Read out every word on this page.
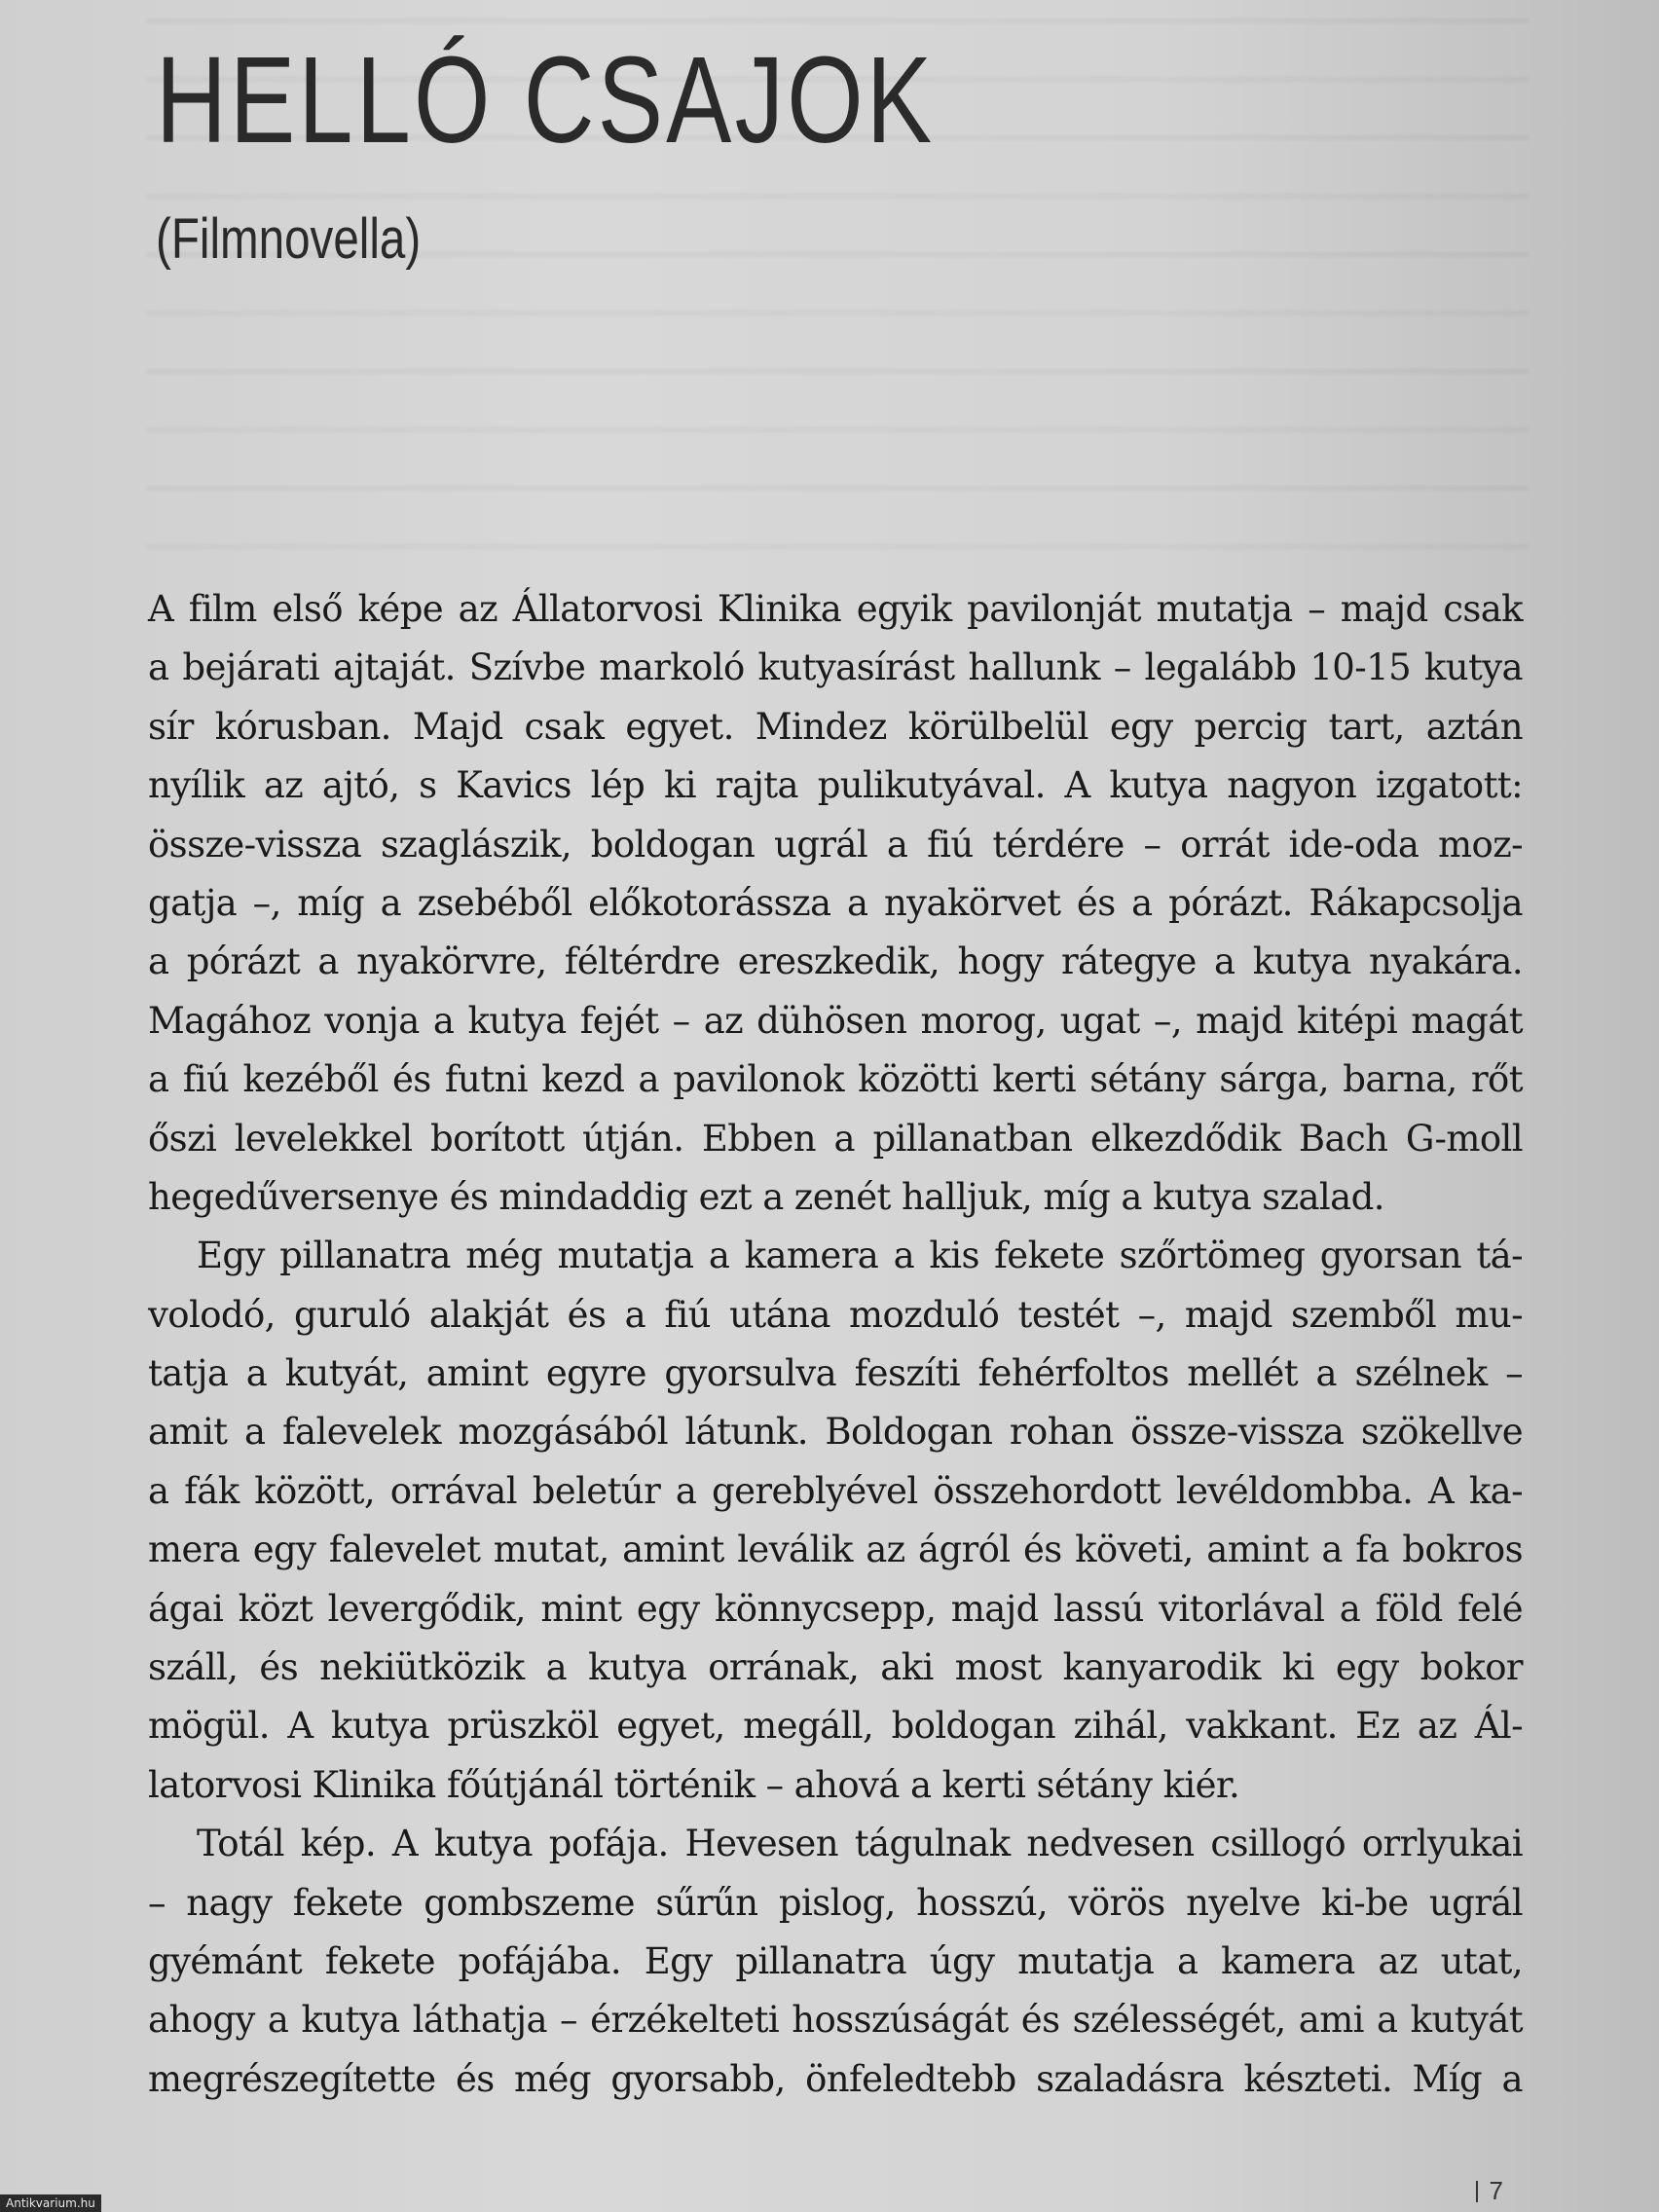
HELLÓ CSAJOK
(Filmnovella)
A film első képe az Állatorvosi Klinika egyik pavilonját mutatja – majd csak
a bejárati ajtaját. Szívbe markoló kutyasírást hallunk – legalább 10-15 kutya
sír kórusban. Majd csak egyet. Mindez körülbelül egy percig tart, aztán
nyílik az ajtó, s Kavics lép ki rajta pulikutyával. A kutya nagyon izgatott:
össze-vissza szaglászik, boldogan ugrál a fiú térdére – orrát ide-oda moz-
gatja –, míg a zsebéből előkotorássza a nyakörvet és a pórázt. Rákapcsolja
a pórázt a nyakörvre, féltérdre ereszkedik, hogy rátegye a kutya nyakára.
Magához vonja a kutya fejét – az dühösen morog, ugat –, majd kitépi magát
a fiú kezéből és futni kezd a pavilonok közötti kerti sétány sárga, barna, rőt
őszi levelekkel borított útján. Ebben a pillanatban elkezdődik Bach G-moll
hegedűversenye és mindaddig ezt a zenét halljuk, míg a kutya szalad.
Egy pillanatra még mutatja a kamera a kis fekete szőrtömeg gyorsan tá-
volodó, guruló alakját és a fiú utána mozduló testét –, majd szemből mu-
tatja a kutyát, amint egyre gyorsulva feszíti fehérfoltos mellét a szélnek –
amit a falevelek mozgásából látunk. Boldogan rohan össze-vissza szökellve
a fák között, orrával beletúr a gereblyével összehordott levéldombba. A ka-
mera egy falevelet mutat, amint leválik az ágról és követi, amint a fa bokros
ágai közt levergődik, mint egy könnycsepp, majd lassú vitorlával a föld felé
száll, és nekiütközik a kutya orrának, aki most kanyarodik ki egy bokor
mögül. A kutya prüszköl egyet, megáll, boldogan zihál, vakkant. Ez az Ál-
latorvosi Klinika főútjánál történik – ahová a kerti sétány kiér.
Totál kép. A kutya pofája. Hevesen tágulnak nedvesen csillogó orrlyukai
– nagy fekete gombszeme sűrűn pislog, hosszú, vörös nyelve ki-be ugrál
gyémánt fekete pofájába. Egy pillanatra úgy mutatja a kamera az utat,
ahogy a kutya láthatja – érzékelteti hosszúságát és szélességét, ami a kutyát
megrészegítette és még gyorsabb, önfeledtebb szaladásra készteti. Míg a
Antikvarium.hu	7
